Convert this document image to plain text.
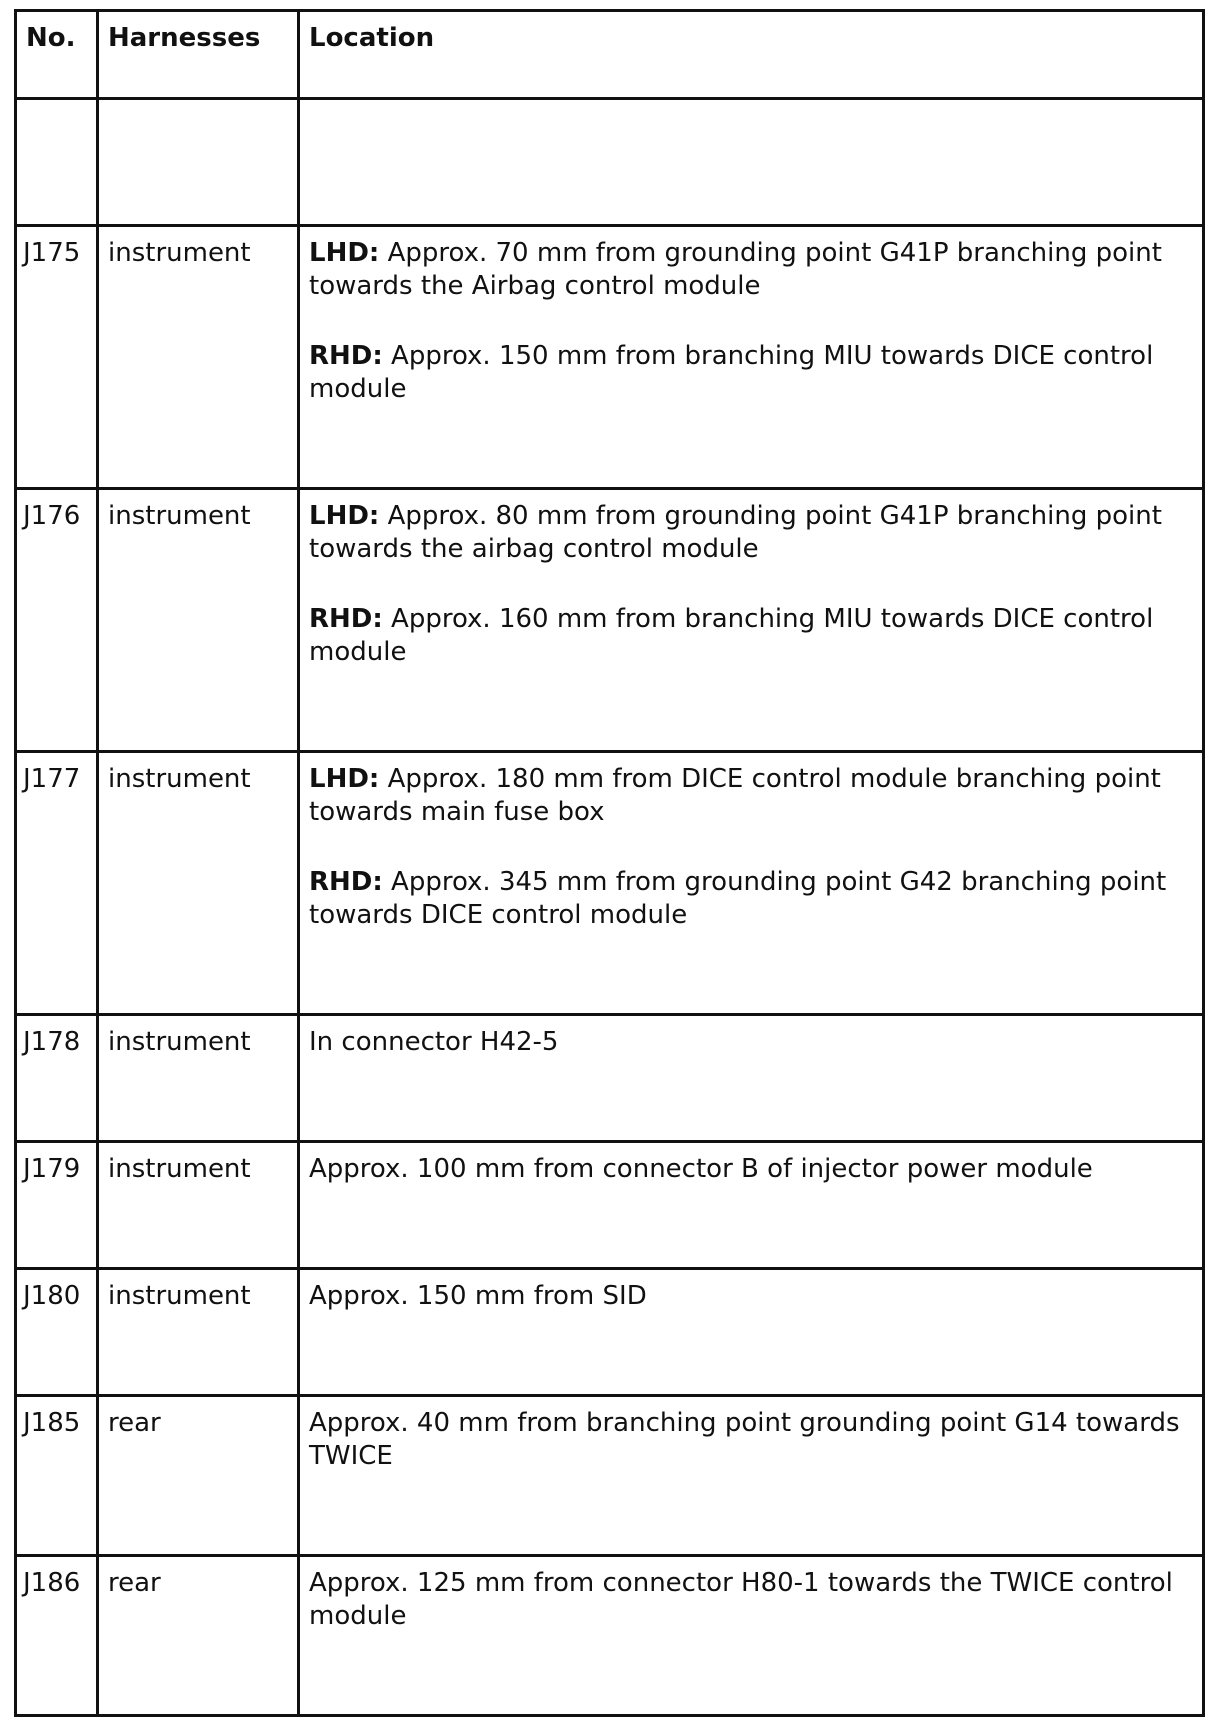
No.	Harnesses	Location

J175	instrument	LHD: Approx. 70 mm from grounding point G41P branching point towards the Airbag control module
RHD: Approx. 150 mm from branching MIU towards DICE control module

J176	instrument	LHD: Approx. 80 mm from grounding point G41P branching point towards the airbag control module
RHD: Approx. 160 mm from branching MIU towards DICE control module

J177	instrument	LHD: Approx. 180 mm from DICE control module branching point towards main fuse box
RHD: Approx. 345 mm from grounding point G42 branching point towards DICE control module

J178	instrument	In connector H42-5
J179	instrument	Approx. 100 mm from connector B of injector power module
J180	instrument	Approx. 150 mm from SID
J185	rear	Approx. 40 mm from branching point grounding point G14 towards TWICE
J186	rear	Approx. 125 mm from connector H80-1 towards the TWICE control module
